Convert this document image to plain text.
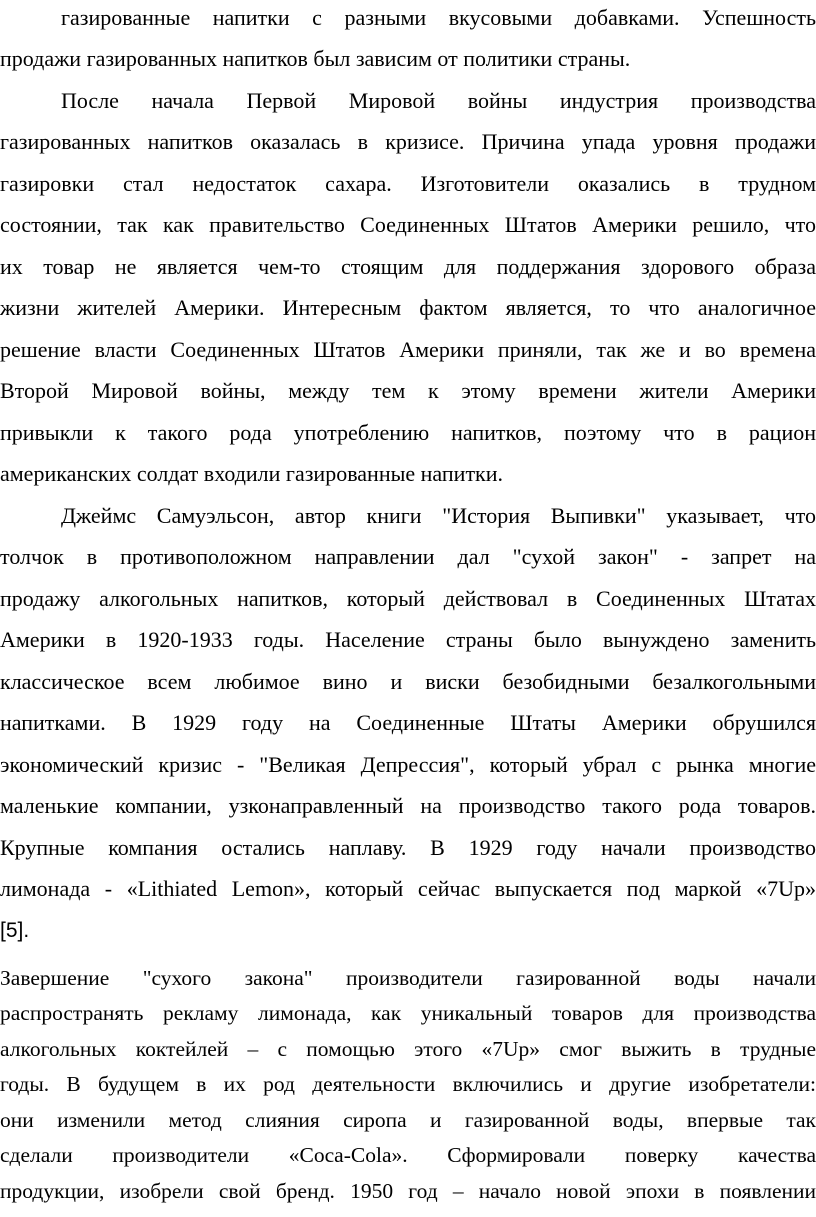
газированные напитки с разными вкусовыми добавками. Успешность

продажи газированных напитков был зависим от политики страны.

После начала Первой Мировой войны индустрия производства

газированных напитков оказалась в кризисе. Причина упада уровня продажи

газировки стал недостаток сахара. Изготовители оказались в трудном

состоянии, так как правительство Соединенных Штатов Америки решило, что

их товар не является чем-то стоящим для поддержания здорового образа

жизни жителей Америки. Интересным фактом является, то что аналогичное

решение власти Соединенных Штатов Америки приняли, так же и во времена

Второй Мировой войны, между тем к этому времени жители Америки

привыкли к такого рода употреблению напитков, поэтому что в рацион

американских солдат входили газированные напитки.

Джеймс Самуэльсон, автор книги "История Выпивки" указывает, что

толчок в противоположном направлении дал "сухой закон" - запрет на

продажу алкогольных напитков, который действовал в Соединенных Штатах

Америки в 1920-1933 годы. Население страны было вынуждено заменить

классическое всем любимое вино и виски безобидными безалкогольными

напитками. В 1929 году на Соединенные Штаты Америки обрушился

экономический кризис - "Великая Депрессия", который убрал с рынка многие

маленькие компании, узконаправленный на производство такого рода товаров.

Крупные компания остались наплаву. В 1929 году начали производство

лимонада - «Lithiated Lemon», который сейчас выпускается под маркой «7Up»

[5].

Завершение "сухого закона" производители газированной воды начали

распространять рекламу лимонада, как уникальный товаров для производства

алкогольных коктейлей – с помощью этого «7Up» смог выжить в трудные

годы. В будущем в их род деятельности включились и другие изобретатели:

они изменили метод слияния сиропа и газированной воды, впервые так

сделали производители «Coca-Cola». Сформировали поверку качества

продукции, изобрели свой бренд. 1950 год – начало новой эпохи в появлении
